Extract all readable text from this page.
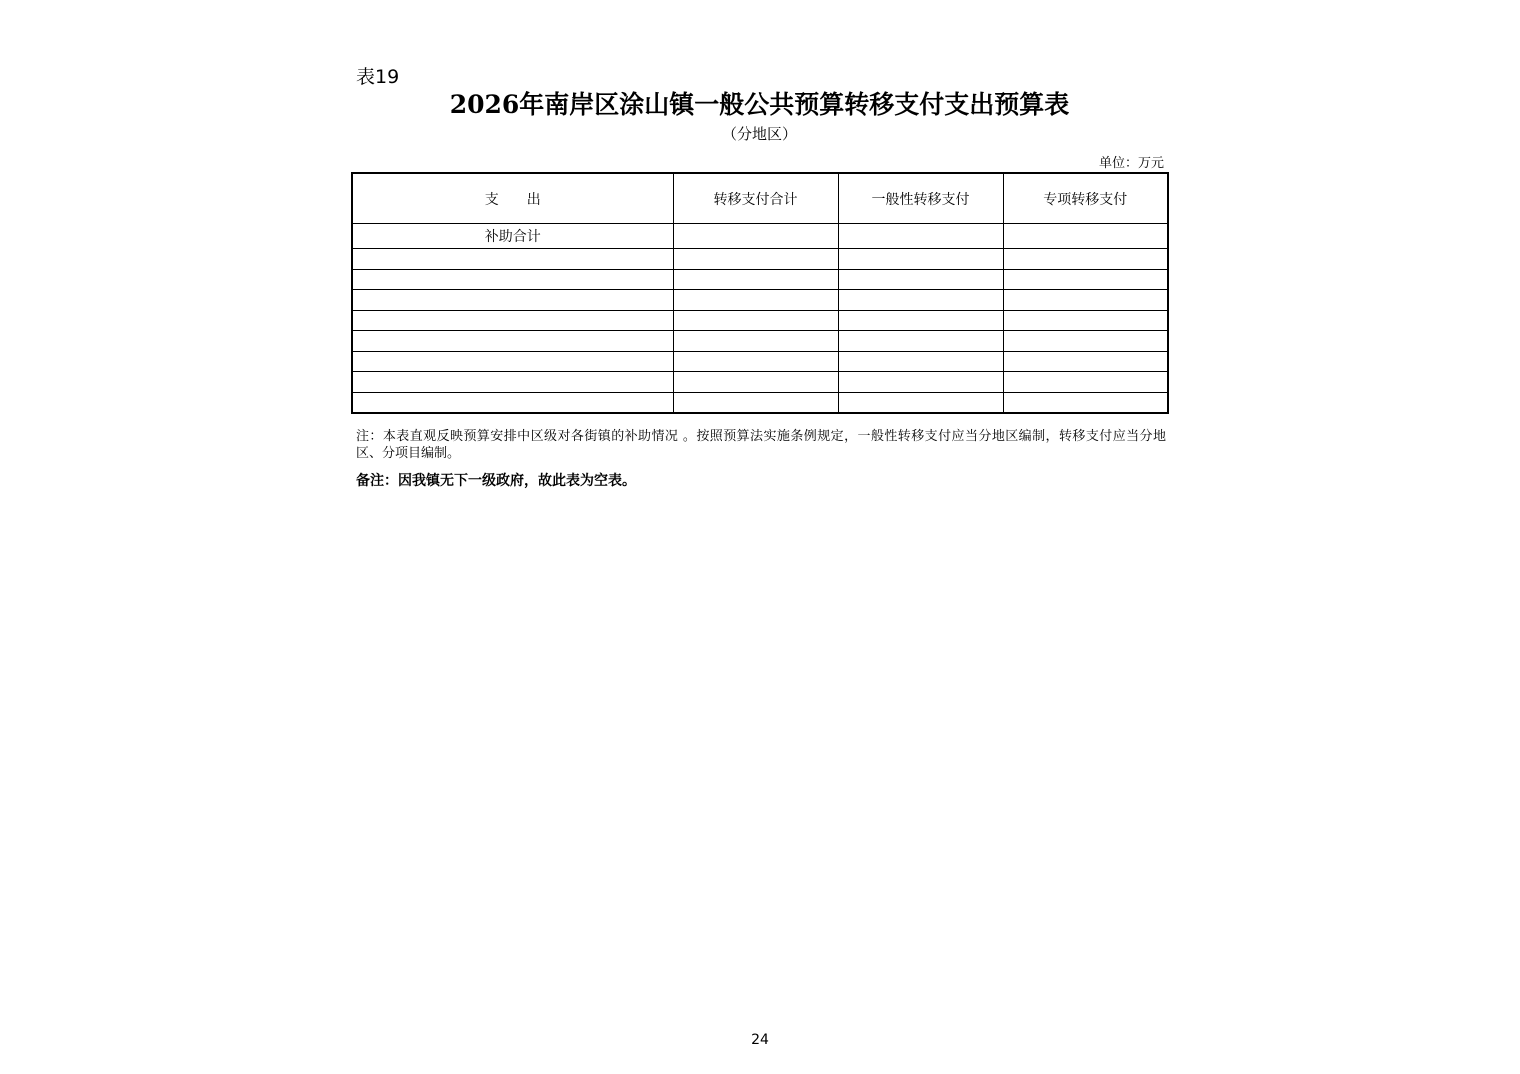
表19
2026年南岸区涂山镇一般公共预算转移支付支出预算表
（分地区）
单位：万元
支　　出	转移支付合计	一般性转移支付	专项转移支付
补助合计			

注：本表直观反映预算安排中区级对各街镇的补助情况 。按照预算法实施条例规定，一般性转移支付应当分地区编制，转移支付应当分地区、分项目编制。
备注：因我镇无下一级政府，故此表为空表。
24
